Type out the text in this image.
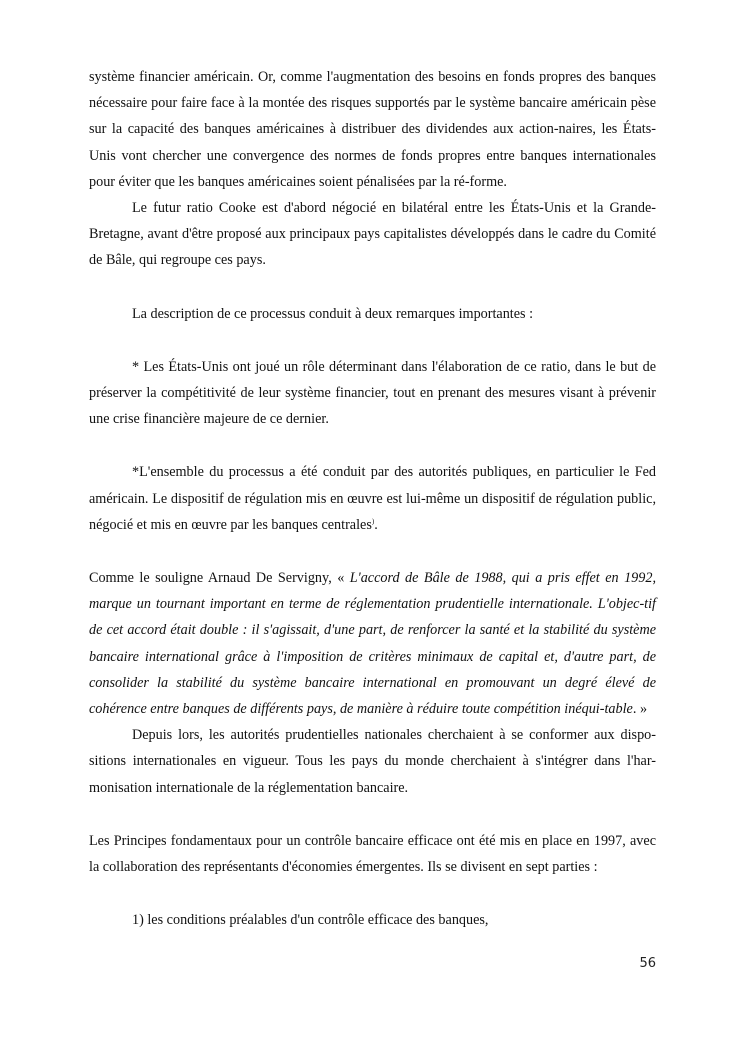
système financier américain. Or, comme l'augmentation des besoins en fonds propres des banques nécessaire pour faire face à la montée des risques supportés par le système bancaire américain pèse sur la capacité des banques américaines à distribuer des dividendes aux action-naires, les États-Unis vont chercher une convergence des normes de fonds propres entre banques internationales pour éviter que les banques américaines soient pénalisées par la ré-forme.

Le futur ratio Cooke est d'abord négocié en bilatéral entre les États-Unis et la Grande-Bretagne, avant d'être proposé aux principaux pays capitalistes développés dans le cadre du Comité de Bâle, qui regroupe ces pays.

La description de ce processus conduit à deux remarques importantes :

* Les États-Unis ont joué un rôle déterminant dans l'élaboration de ce ratio, dans le but de préserver la compétitivité de leur système financier, tout en prenant des mesures visant à prévenir une crise financière majeure de ce dernier.

*L'ensemble du processus a été conduit par des autorités publiques, en particulier le Fed américain. Le dispositif de régulation mis en œuvre est lui-même un dispositif de régulation public, négocié et mis en œuvre par les banques centrales).

Comme le souligne Arnaud De Servigny, « L'accord de Bâle de 1988, qui a pris effet en 1992, marque un tournant important en terme de réglementation prudentielle internationale. L'objec-tif de cet accord était double : il s'agissait, d'une part, de renforcer la santé et la stabilité du système bancaire international grâce à l'imposition de critères minimaux de capital et, d'autre part, de consolider la stabilité du système bancaire international en promouvant un degré élevé de cohérence entre banques de différents pays, de manière à réduire toute compétition inéqui-table. »

Depuis lors, les autorités prudentielles nationales cherchaient à se conformer aux dispo-sitions internationales en vigueur. Tous les pays du monde cherchaient à s'intégrer dans l'har-monisation internationale de la réglementation bancaire.

Les Principes fondamentaux pour un contrôle bancaire efficace ont été mis en place en 1997, avec la collaboration des représentants d'économies émergentes. Ils se divisent en sept parties :

1) les conditions préalables d'un contrôle efficace des banques,

56
